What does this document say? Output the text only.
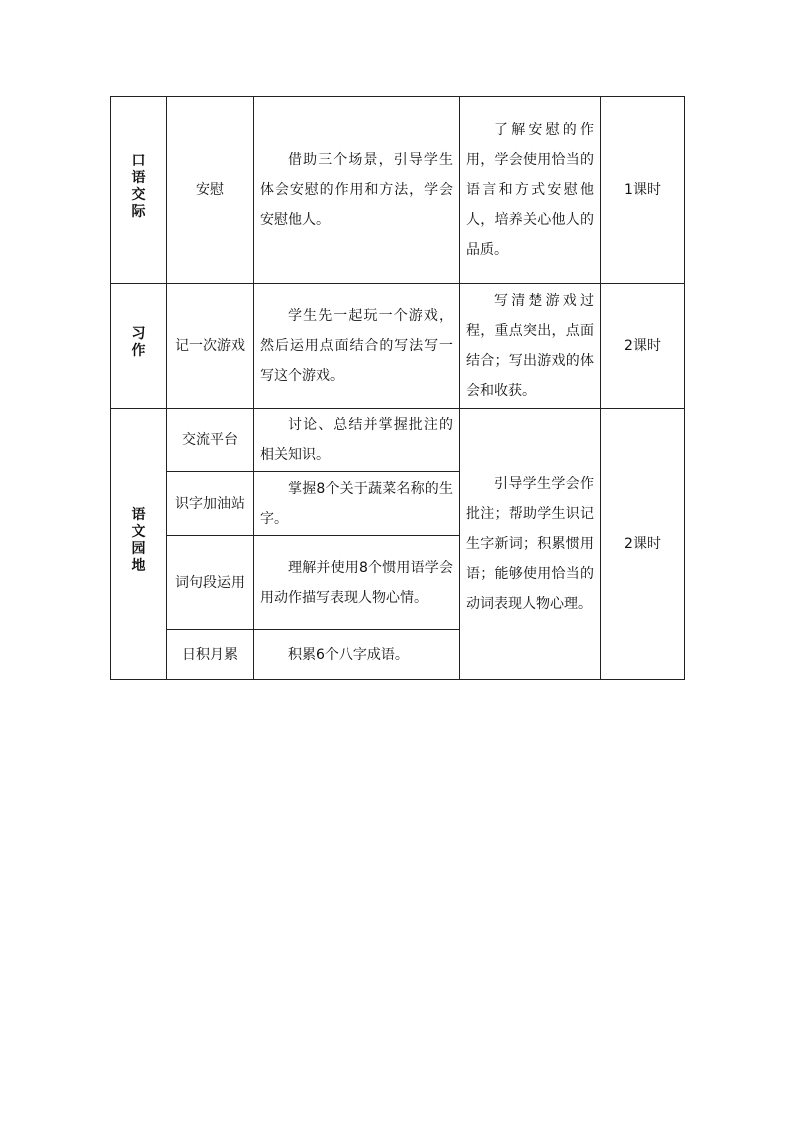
口语交际	安慰	借助三个场景，引导学生体会安慰的作用和方法，学会安慰他人。	了解安慰的作用，学会使用恰当的语言和方式安慰他人，培养关心他人的品质。	1课时
习作	记一次游戏	学生先一起玩一个游戏，然后运用点面结合的写法写一写这个游戏。	写清楚游戏过程，重点突出，点面结合；写出游戏的体会和收获。	2课时
语文园地	交流平台	讨论、总结并掌握批注的相关知识。	引导学生学会作批注；帮助学生识记生字新词；积累惯用语；能够使用恰当的动词表现人物心理。	2课时
	识字加油站	掌握8个关于蔬菜名称的生字。		
	词句段运用	理解并使用8个惯用语学会用动作描写表现人物心情。		
	日积月累	积累6个八字成语。		
